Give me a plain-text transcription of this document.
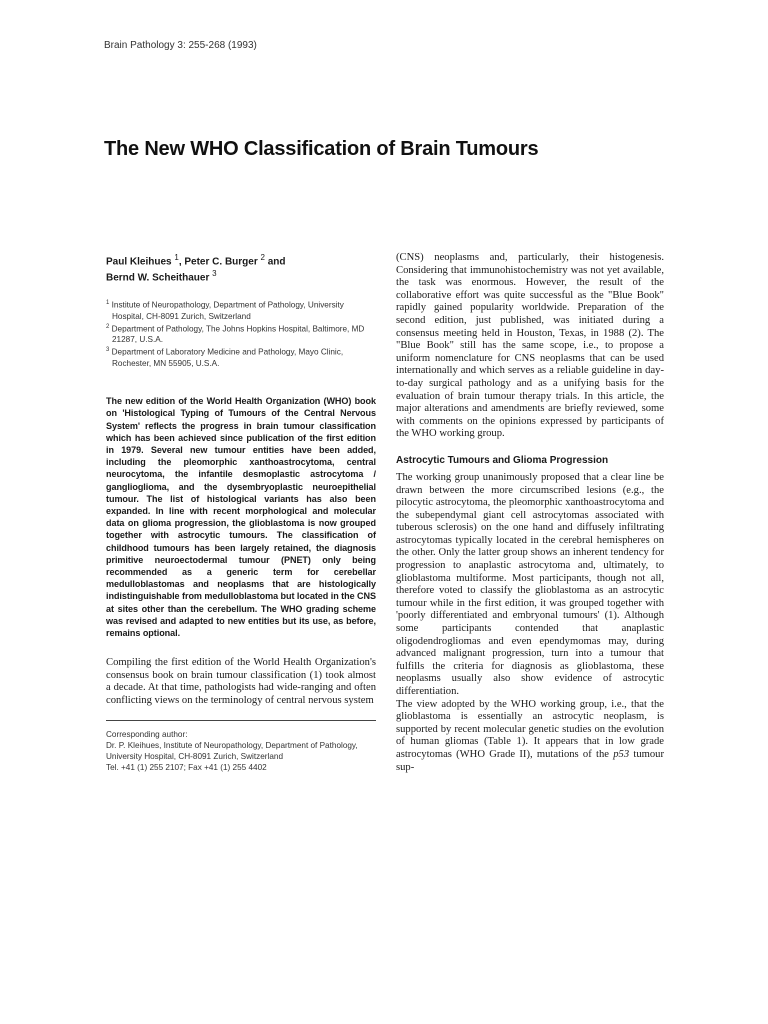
Brain Pathology 3: 255-268 (1993)
The New WHO Classification of Brain Tumours

Paul Kleihues $^1$, Peter C. Burger $^2$ and
Bernd W. Scheithauer $^3$

$^1$ Institute of Neuropathology, Department of Pathology, University Hospital, CH-8091 Zurich, Switzerland
$^2$ Department of Pathology, The Johns Hopkins Hospital, Baltimore, MD 21287, U.S.A.
$^3$ Department of Laboratory Medicine and Pathology, Mayo Clinic, Rochester, MN 55905, U.S.A.

The new edition of the World Health Organization (WHO) book on 'Histological Typing of Tumours of the Central Nervous System' reflects the progress in brain tumour classification which has been achieved since publication of the first edition in 1979. Several new tumour entities have been added, including the pleomorphic xanthoastrocytoma, central neurocytoma, the infantile desmoplastic astrocytoma / ganglioglioma, and the dysembryoplastic neuroepithelial tumour. The list of histological variants has also been expanded. In line with recent morphological and molecular data on glioma progression, the glioblastoma is now grouped together with astrocytic tumours. The classification of childhood tumours has been largely retained, the diagnosis primitive neuroectodermal tumour (PNET) only being recommended as a generic term for cerebellar medulloblastomas and neoplasms that are histologically indistinguishable from medulloblastoma but located in the CNS at sites other than the cerebellum. The WHO grading scheme was revised and adapted to new entities but its use, as before, remains optional.

Compiling the first edition of the World Health Organization's consensus book on brain tumour classification (1) took almost a decade. At that time, pathologists had wide-ranging and often conflicting views on the terminology of central nervous system

Corresponding author:
Dr. P. Kleihues, Institute of Neuropathology, Department of Pathology, University Hospital, CH-8091 Zurich, Switzerland
Tel. +41 (1) 255 2107; Fax +41 (1) 255 4402

(CNS) neoplasms and, particularly, their histogenesis. Considering that immunohistochemistry was not yet available, the task was enormous. However, the result of the collaborative effort was quite successful as the "Blue Book" rapidly gained popularity worldwide. Preparation of the second edition, just published, was initiated during a consensus meeting held in Houston, Texas, in 1988 (2). The "Blue Book" still has the same scope, i.e., to propose a uniform nomenclature for CNS neoplasms that can be used internationally and which serves as a reliable guideline in day-to-day surgical pathology and as a unifying basis for the evaluation of brain tumour therapy trials. In this article, the major alterations and amendments are briefly reviewed, some with comments on the opinions expressed by participants of the WHO working group.

Astrocytic Tumours and Glioma Progression

The working group unanimously proposed that a clear line be drawn between the more circumscribed lesions (e.g., the pilocytic astrocytoma, the pleomorphic xanthoastrocytoma and the subependymal giant cell astrocytomas associated with tuberous sclerosis) on the one hand and diffusely infiltrating astrocytomas typically located in the cerebral hemispheres on the other. Only the latter group shows an inherent tendency for progression to anaplastic astrocytoma and, ultimately, to glioblastoma multiforme. Most participants, though not all, therefore voted to classify the glioblastoma as an astrocytic tumour while in the first edition, it was grouped together with 'poorly differentiated and embryonal tumours' (1). Although some participants contended that anaplastic oligodendrogliomas and even ependymomas may, during advanced malignant progression, turn into a tumour that fulfills the criteria for diagnosis as glioblastoma, these neoplasms usually also show evidence of astrocytic differentiation.

The view adopted by the WHO working group, i.e., that the glioblastoma is essentially an astrocytic neoplasm, is supported by recent molecular genetic studies on the evolution of human gliomas (Table 1). It appears that in low grade astrocytomas (WHO Grade II), mutations of the p53 tumour sup-
